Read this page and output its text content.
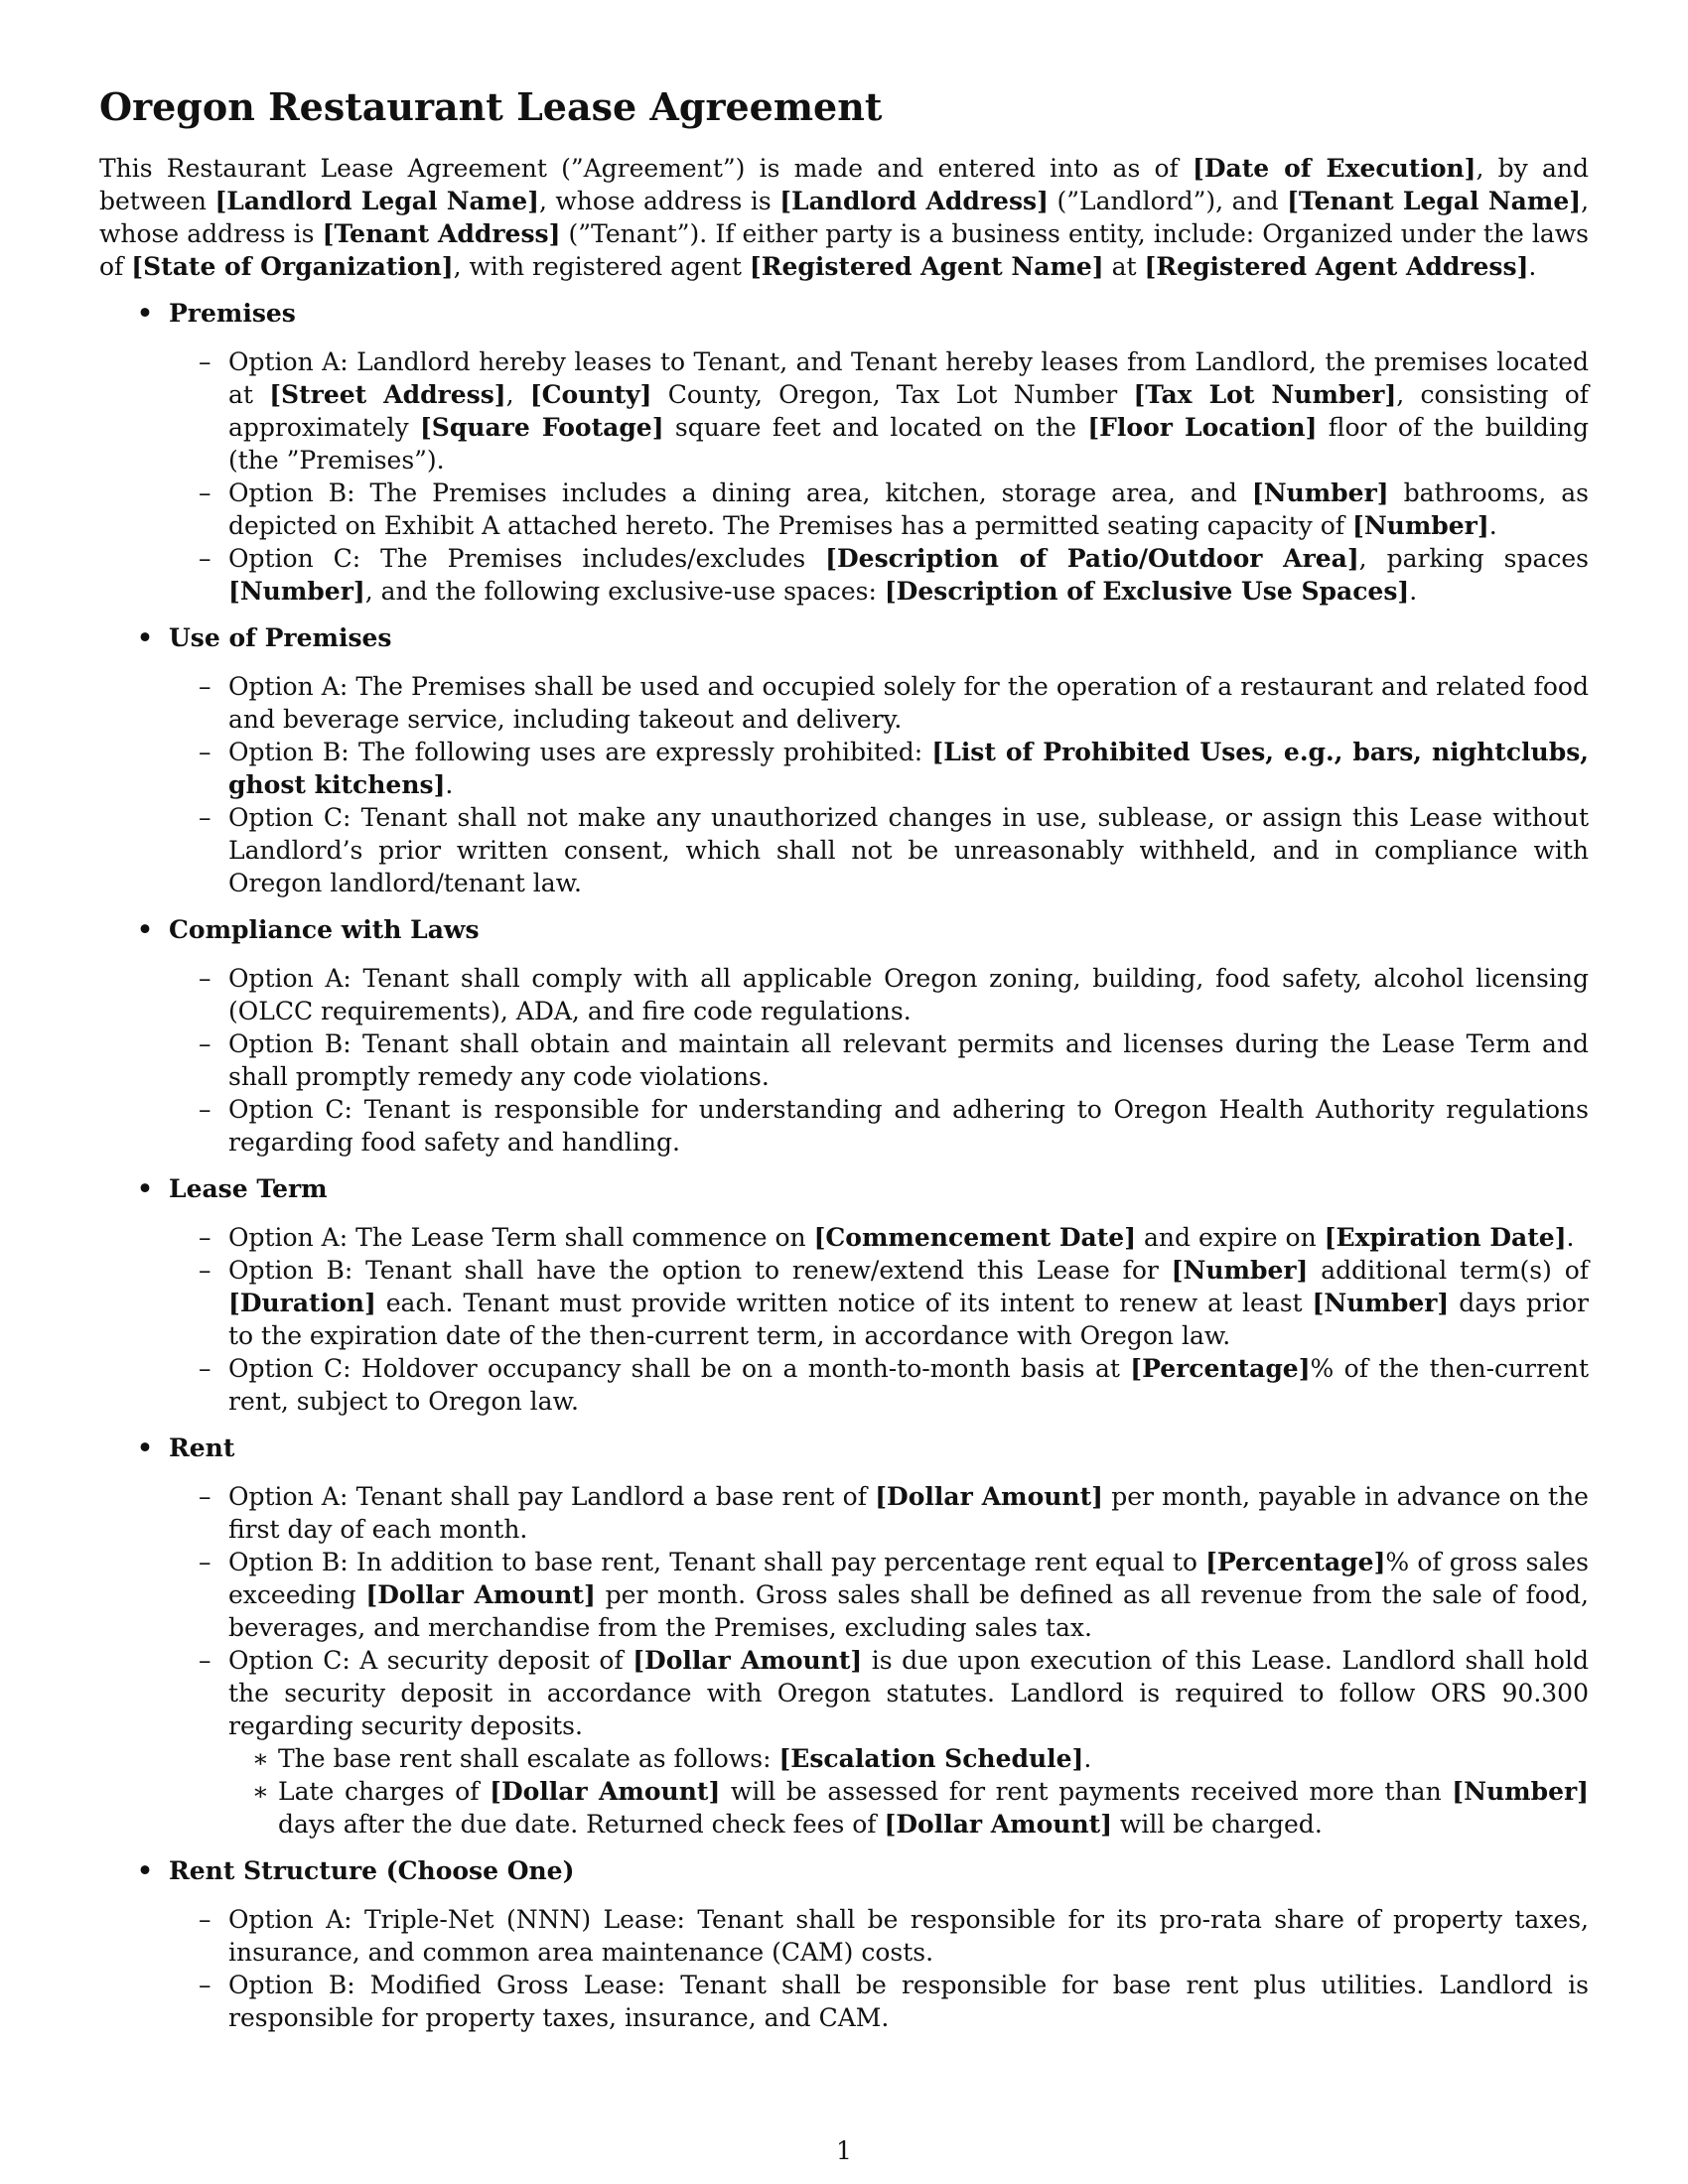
Oregon Restaurant Lease Agreement

This Restaurant Lease Agreement (”Agreement”) is made and entered into as of [Date of Execution], by and between [Landlord Legal Name], whose address is [Landlord Address] (”Landlord”), and [Tenant Legal Name], whose address is [Tenant Address] (”Tenant”). If either party is a business entity, include: Organized under the laws of [State of Organization], with registered agent [Registered Agent Name] at [Registered Agent Address].

• Premises
– Option A: Landlord hereby leases to Tenant, and Tenant hereby leases from Landlord, the premises located at [Street Address], [County] County, Oregon, Tax Lot Number [Tax Lot Number], consisting of approximately [Square Footage] square feet and located on the [Floor Location] floor of the building (the ”Premises”).
– Option B: The Premises includes a dining area, kitchen, storage area, and [Number] bathrooms, as depicted on Exhibit A attached hereto. The Premises has a permitted seating capacity of [Number].
– Option C: The Premises includes/excludes [Description of Patio/Outdoor Area], parking spaces [Number], and the following exclusive-use spaces: [Description of Exclusive Use Spaces].
• Use of Premises
– Option A: The Premises shall be used and occupied solely for the operation of a restaurant and related food and beverage service, including takeout and delivery.
– Option B: The following uses are expressly prohibited: [List of Prohibited Uses, e.g., bars, nightclubs, ghost kitchens].
– Option C: Tenant shall not make any unauthorized changes in use, sublease, or assign this Lease without Landlord’s prior written consent, which shall not be unreasonably withheld, and in compliance with Oregon landlord/tenant law.
• Compliance with Laws
– Option A: Tenant shall comply with all applicable Oregon zoning, building, food safety, alcohol licensing (OLCC requirements), ADA, and fire code regulations.
– Option B: Tenant shall obtain and maintain all relevant permits and licenses during the Lease Term and shall promptly remedy any code violations.
– Option C: Tenant is responsible for understanding and adhering to Oregon Health Authority regulations regarding food safety and handling.
• Lease Term
– Option A: The Lease Term shall commence on [Commencement Date] and expire on [Expiration Date].
– Option B: Tenant shall have the option to renew/extend this Lease for [Number] additional term(s) of [Duration] each. Tenant must provide written notice of its intent to renew at least [Number] days prior to the expiration date of the then-current term, in accordance with Oregon law.
– Option C: Holdover occupancy shall be on a month-to-month basis at [Percentage]% of the then-current rent, subject to Oregon law.
• Rent
– Option A: Tenant shall pay Landlord a base rent of [Dollar Amount] per month, payable in advance on the first day of each month.
– Option B: In addition to base rent, Tenant shall pay percentage rent equal to [Percentage]% of gross sales exceeding [Dollar Amount] per month. Gross sales shall be defined as all revenue from the sale of food, beverages, and merchandise from the Premises, excluding sales tax.
– Option C: A security deposit of [Dollar Amount] is due upon execution of this Lease. Landlord shall hold the security deposit in accordance with Oregon statutes. Landlord is required to follow ORS 90.300 regarding security deposits.
∗ The base rent shall escalate as follows: [Escalation Schedule].
∗ Late charges of [Dollar Amount] will be assessed for rent payments received more than [Number] days after the due date. Returned check fees of [Dollar Amount] will be charged.
• Rent Structure (Choose One)
– Option A: Triple-Net (NNN) Lease: Tenant shall be responsible for its pro-rata share of property taxes, insurance, and common area maintenance (CAM) costs.
– Option B: Modified Gross Lease: Tenant shall be responsible for base rent plus utilities. Landlord is responsible for property taxes, insurance, and CAM.
1
